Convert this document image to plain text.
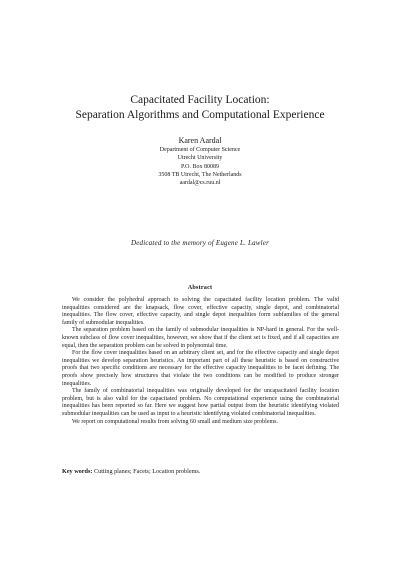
Capacitated Facility Location:
Separation Algorithms and Computational Experience
Karen Aardal
Department of Computer Science
Utrecht University
P.O. Box 80089
3508 TB Utrecht, The Netherlands
aardal@cs.ruu.nl
Dedicated to the memory of Eugene L. Lawler
Abstract

We consider the polyhedral approach to solving the capacitated facility location problem. The valid inequalities considered are the knapsack, flow cover, effective capacity, single depot, and combinatorial inequalities. The flow cover, effective capacity, and single depot inequalities form subfamilies of the general family of submodular inequalities.

The separation problem based on the family of submodular inequalities is NP-hard in general. For the well-known subclass of flow cover inequalities, however, we show that if the client set is fixed, and if all capacities are equal, then the separation problem can be solved in polynomial time.

For the flow cover inequalities based on an arbitrary client set, and for the effective capacity and single depot inequalities we develop separation heuristics. An important part of all these heuristic is based on constructive proofs that two specific conditions are necessary for the effective capacity inequalities to be facet defining. The proofs show precisely how structures that violate the two conditions can be modified to produce stronger inequalities.

The family of combinatorial inequalities was originally developed for the uncapacitated facility location problem, but is also valid for the capacitated problem. No computational experience using the combinatorial inequalities has been reported so far. Here we suggest how partial output from the heuristic identifying violated submodular inequalities can be used as input to a heuristic identifying violated combinatorial inequalities.

We report on computational results from solving 60 small and medium size problems.

Key words: Cutting planes; Facets; Location problems.
